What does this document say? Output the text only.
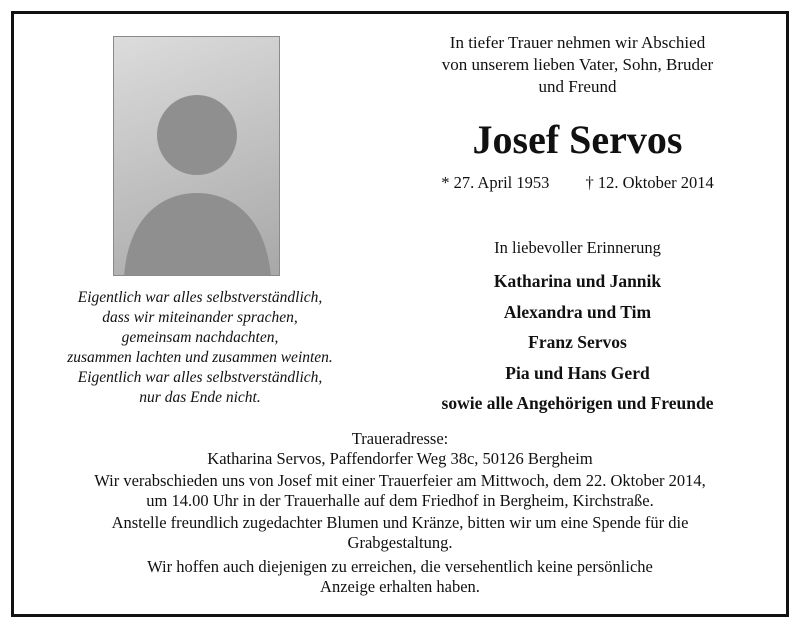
Eigentlich war alles selbstverständlich,
dass wir miteinander sprachen,
gemeinsam nachdachten,
zusammen lachten und zusammen weinten.
Eigentlich war alles selbstverständlich,
nur das Ende nicht.
In tiefer Trauer nehmen wir Abschied
von unserem lieben Vater, Sohn, Bruder
und Freund
Josef Servos
* 27. April 1953 † 12. Oktober 2014
In liebevoller Erinnerung
Katharina und Jannik
Alexandra und Tim
Franz Servos
Pia und Hans Gerd
sowie alle Angehörigen und Freunde

Traueradresse:
Katharina Servos, Paffendorfer Weg 38c, 50126 Bergheim

Wir verabschieden uns von Josef mit einer Trauerfeier am Mittwoch, dem 22. Oktober 2014,
um 14.00 Uhr in der Trauerhalle auf dem Friedhof in Bergheim, Kirchstraße.

Anstelle freundlich zugedachter Blumen und Kränze, bitten wir um eine Spende für die
Grabgestaltung.

Wir hoffen auch diejenigen zu erreichen, die versehentlich keine persönliche
Anzeige erhalten haben.
